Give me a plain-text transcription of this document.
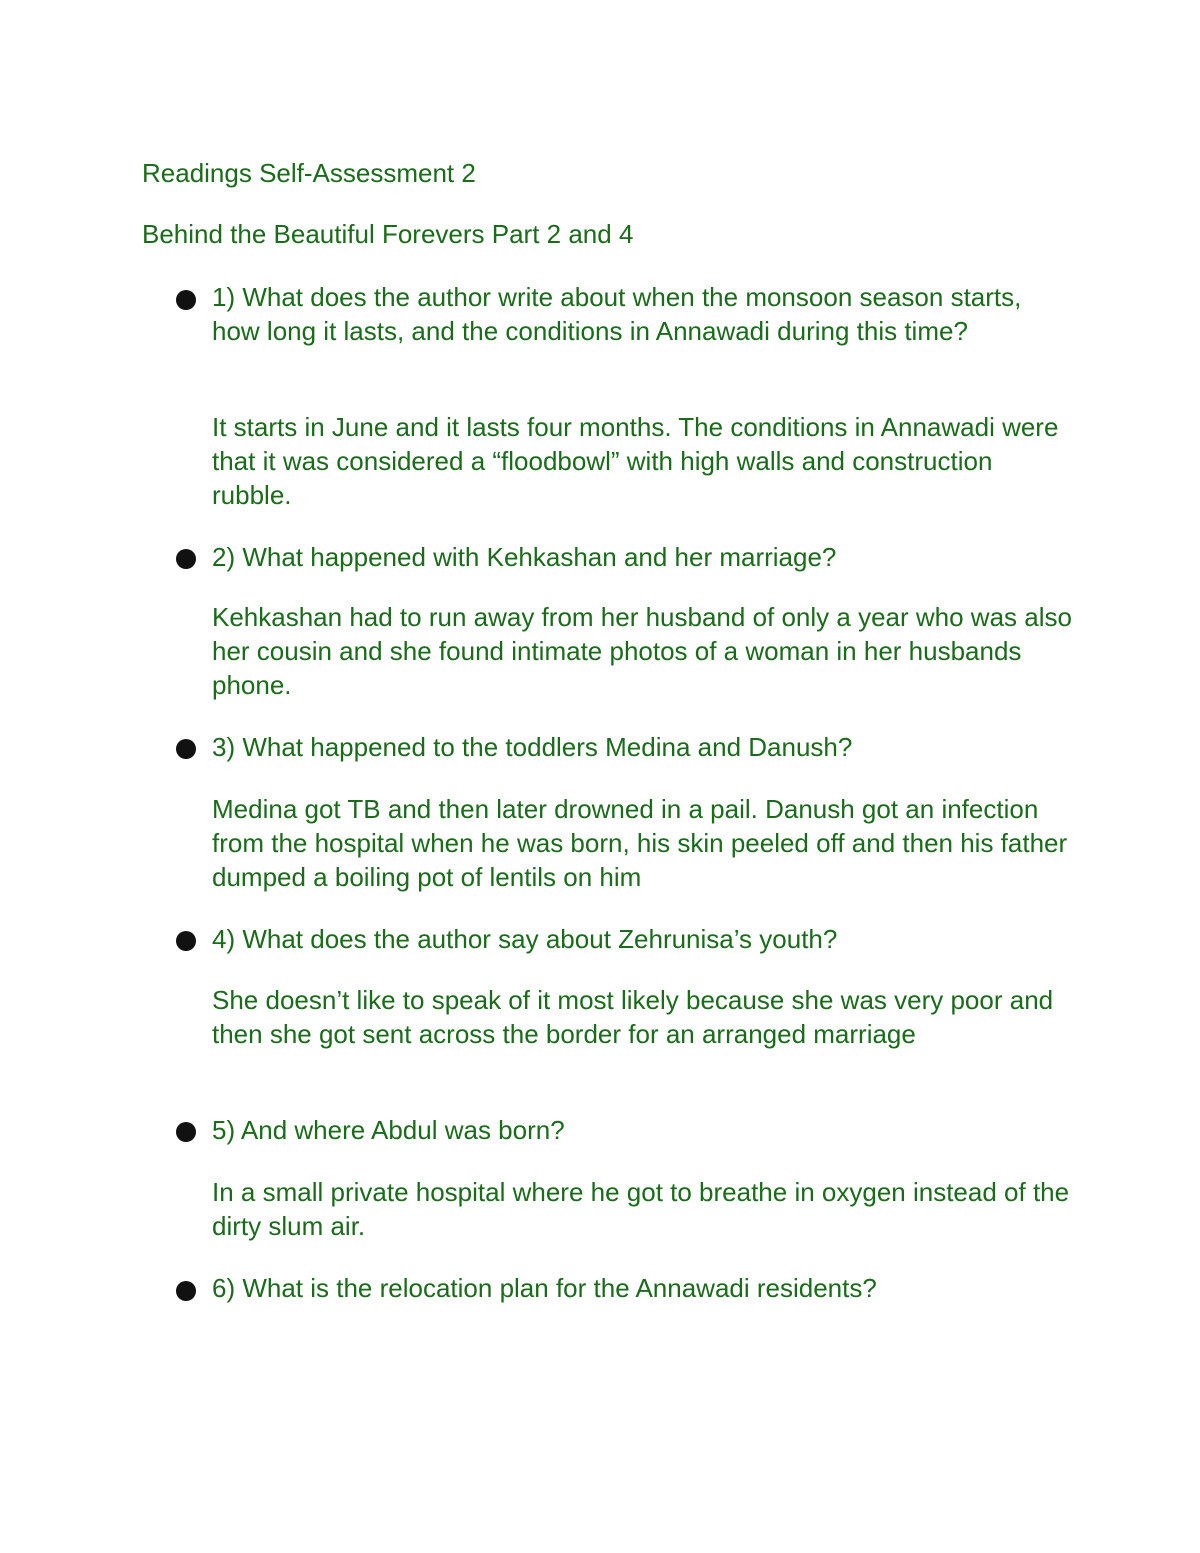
Readings Self-Assessment 2
Behind the Beautiful Forevers Part 2 and 4
1) What does the author write about when the monsoon season starts, how long it lasts, and the conditions in Annawadi during this time?
It starts in June and it lasts four months. The conditions in Annawadi were that it was considered a “floodbowl” with high walls and construction rubble.
2) What happened with Kehkashan and her marriage?
Kehkashan had to run away from her husband of only a year who was also her cousin and she found intimate photos of a woman in her husbands phone.
3) What happened to the toddlers Medina and Danush?
Medina got TB and then later drowned in a pail. Danush got an infection from the hospital when he was born, his skin peeled off and then his father dumped a boiling pot of lentils on him
4) What does the author say about Zehrunisa’s youth?
She doesn’t like to speak of it most likely because she was very poor and then she got sent across the border for an arranged marriage
5) And where Abdul was born?
In a small private hospital where he got to breathe in oxygen instead of the dirty slum air.
6) What is the relocation plan for the Annawadi residents?
